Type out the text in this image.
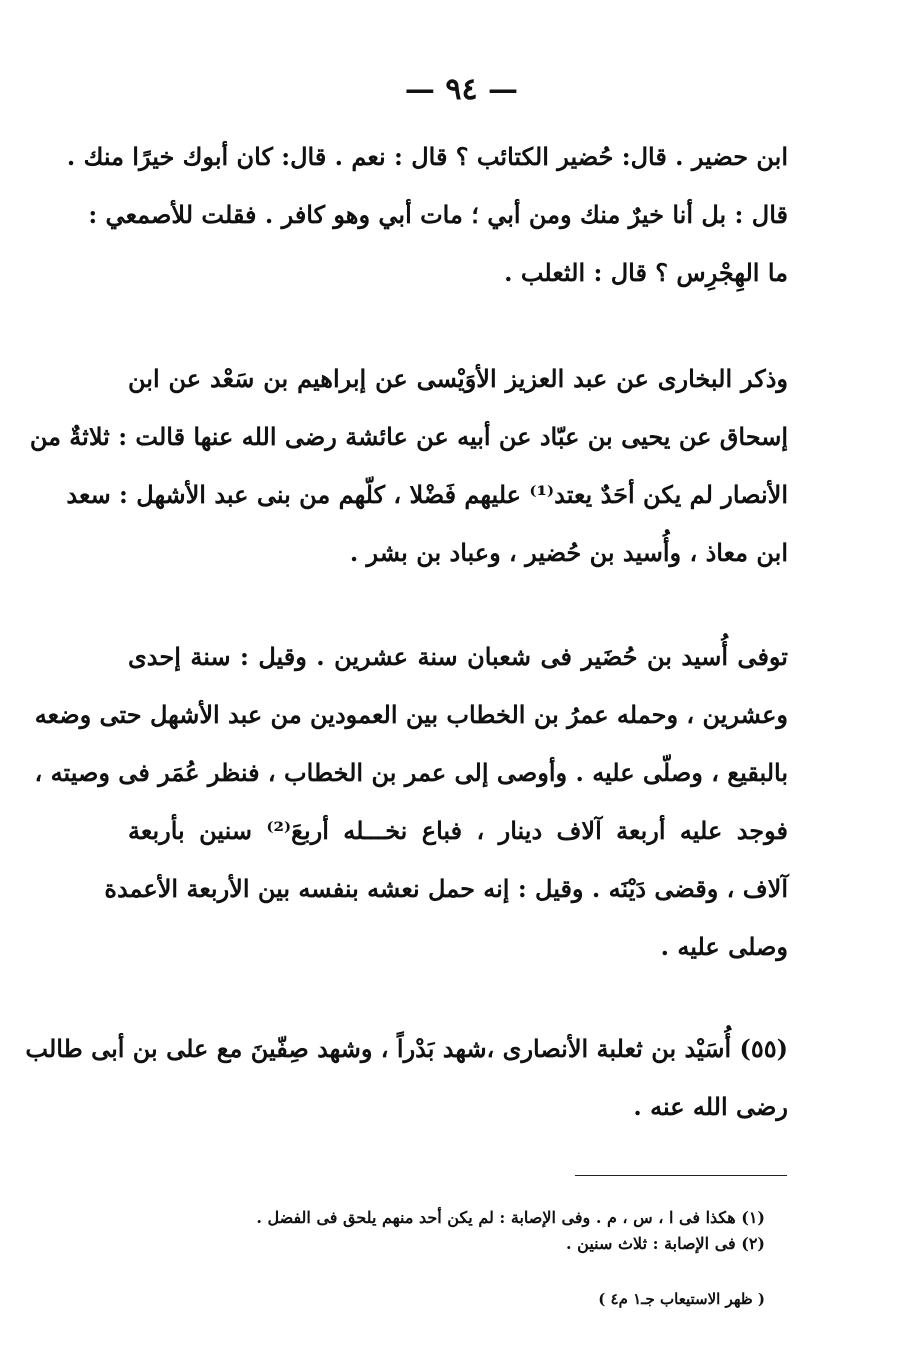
— ٩٤ —
ابن حضير . قال: حُضير الكتائب ؟ قال : نعم . قال: كان أبوك خيرًا منك .
قال : بل أنا خيرٌ منك ومن أبي ؛ مات أبي وهو كافر . فقلت للأصمعي :
ما الهِجْرِس ؟ قال : الثعلب .
وذكر البخارى عن عبد العزيز الأوَيْسى عن إبراهيم بن سَعْد عن ابن
إسحاق عن يحيى بن عبّاد عن أبيه عن عائشة رضى الله عنها قالت : ثلاثةٌ من
الأنصار لم يكن أحَدٌ يعتد⁽¹⁾ عليهم فَضْلا ، كلّهم من بنى عبد الأشهل : سعد
ابن معاذ ، وأُسيد بن حُضير ، وعباد بن بشر .
توفى أُسيد بن حُضَير فى شعبان سنة عشرين . وقيل : سنة إحدى
وعشرين ، وحمله عمرُ بن الخطاب بين العمودين من عبد الأشهل حتى وضعه
بالبقيع ، وصلّى عليه . وأوصى إلى عمر بن الخطاب ، فنظر عُمَر فى وصيته ،
فوجد عليه أربعة آلاف دينار ، فباع نخـــله أربعَ⁽²⁾ سنين بأربعة
آلاف ، وقضى دَيْنَه . وقيل : إنه حمل نعشه بنفسه بين الأربعة الأعمدة
وصلى عليه .
(٥٥) أُسَيْد بن ثعلبة الأنصارى ،شهد بَدْراً ، وشهد صِفّينَ مع على بن أبى طالب
رضى الله عنه .
(١) هكذا فى ا ، س ، م . وفى الإصابة : لم يكن أحد منهم يلحق فى الفضل .
(٢) فى الإصابة : ثلاث سنين .
( ظهر الاستيعاب جـ١ م٤ )
